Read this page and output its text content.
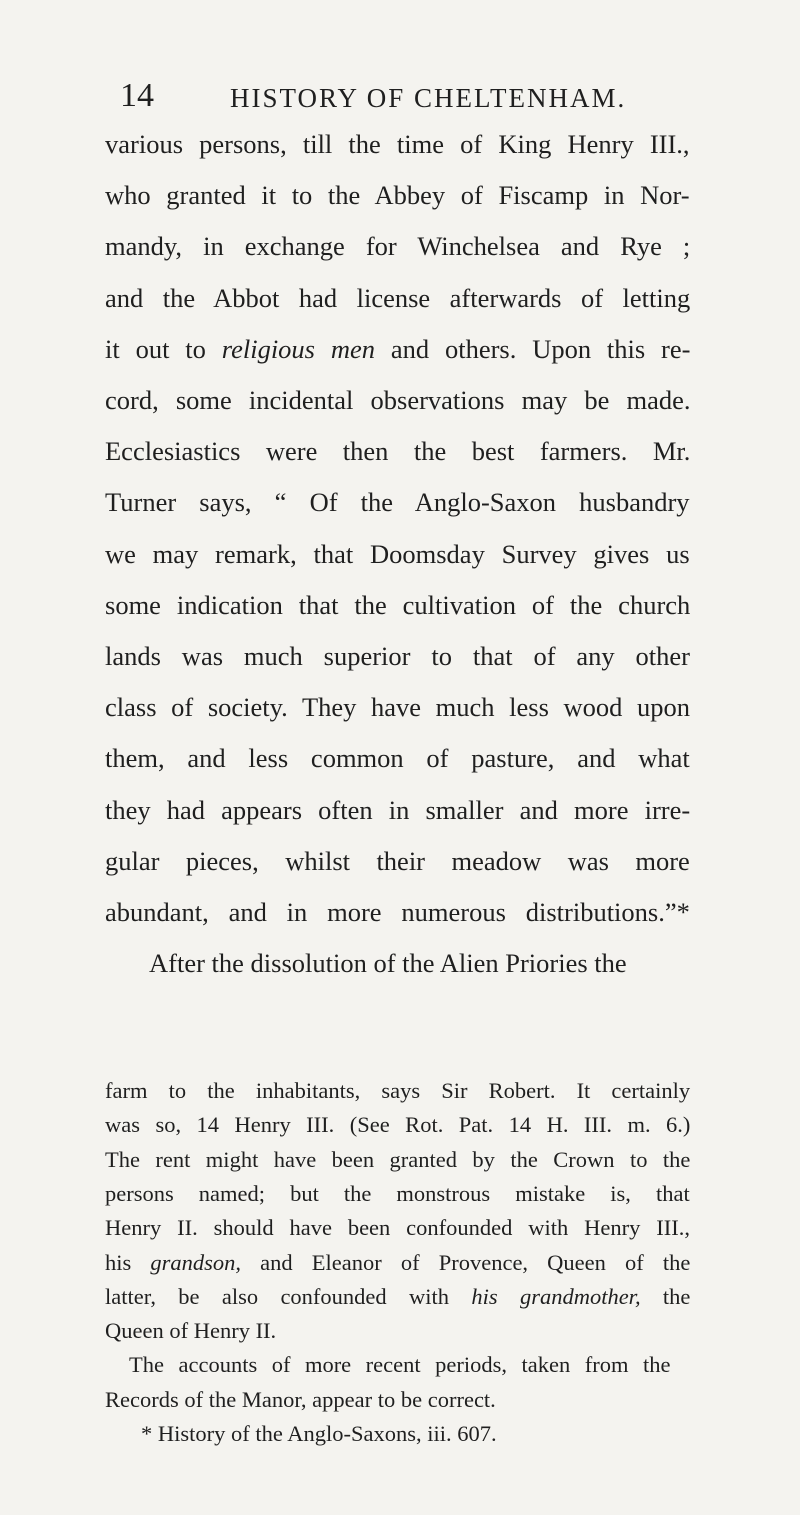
14	HISTORY OF CHELTENHAM.
various persons, till the time of King Henry III.,
who granted it to the Abbey of Fiscamp in Nor-
mandy, in exchange for Winchelsea and Rye ;
and the Abbot had license afterwards of letting
it out to religious men and others. Upon this re-
cord, some incidental observations may be made.
Ecclesiastics were then the best farmers. Mr.
Turner says, “ Of the Anglo-Saxon husbandry
we may remark, that Doomsday Survey gives us
some indication that the cultivation of the church
lands was much superior to that of any other
class of society. They have much less wood upon
them, and less common of pasture, and what
they had appears often in smaller and more irre-
gular pieces, whilst their meadow was more
abundant, and in more numerous distributions.”*
After the dissolution of the Alien Priories the
farm to the inhabitants, says Sir Robert. It certainly
was so, 14 Henry III. (See Rot. Pat. 14 H. III. m. 6.)
The rent might have been granted by the Crown to the
persons named; but the monstrous mistake is, that
Henry II. should have been confounded with Henry III.,
his grandson, and Eleanor of Provence, Queen of the
latter, be also confounded with his grandmother, the
Queen of Henry II.
The accounts of more recent periods, taken from the
Records of the Manor, appear to be correct.
* History of the Anglo-Saxons, iii. 607.
